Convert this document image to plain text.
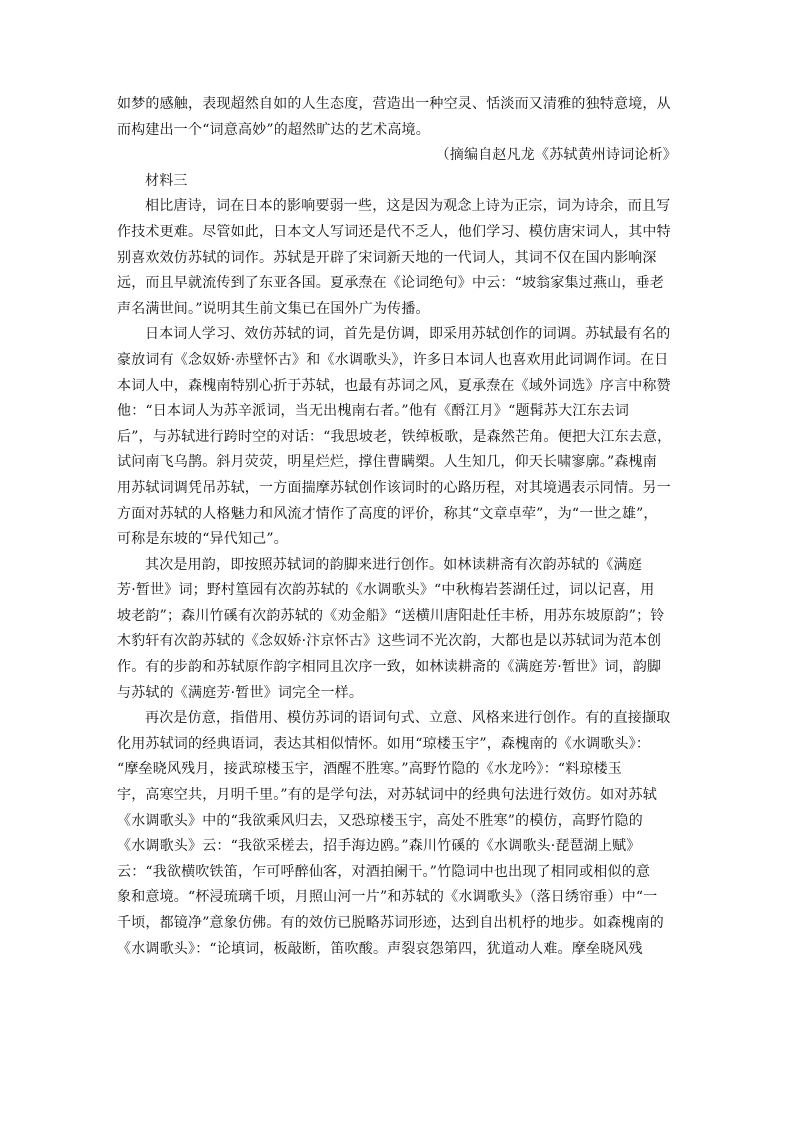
如梦的感触，表现超然自如的人生态度，营造出一种空灵、恬淡而又清雅的独特意境，从
而构建出一个“词意高妙”的超然旷达的艺术高境。
（摘编自赵凡龙《苏轼黄州诗词论析》
材料三
相比唐诗，词在日本的影响要弱一些，这是因为观念上诗为正宗，词为诗余，而且写
作技术更难。尽管如此，日本文人写词还是代不乏人，他们学习、模仿唐宋词人，其中特
别喜欢效仿苏轼的词作。苏轼是开辟了宋词新天地的一代词人，其词不仅在国内影响深
远，而且早就流传到了东亚各国。夏承焘在《论词绝句》中云：“坡翁家集过燕山，垂老
声名满世间。”说明其生前文集已在国外广为传播。
日本词人学习、效仿苏轼的词，首先是仿调，即采用苏轼创作的词调。苏轼最有名的
豪放词有《念奴娇·赤壁怀古》和《水调歌头》，许多日本词人也喜欢用此词调作词。在日
本词人中，森槐南特别心折于苏轼，也最有苏词之风，夏承焘在《域外词选》序言中称赞
他：“日本词人为苏辛派词，当无出槐南右者。”他有《酹江月》“题髯苏大江东去词
后”，与苏轼进行跨时空的对话：“我思坡老，铁绰板歌，是森然芒角。便把大江东去意，
试问南飞乌鹊。斜月荧荧，明星烂烂，撑住曹瞒槊。人生知几，仰天长啸寥廓。”森槐南
用苏轼词调凭吊苏轼，一方面揣摩苏轼创作该词时的心路历程，对其境遇表示同情。另一
方面对苏轼的人格魅力和风流才情作了高度的评价，称其“文章卓荦”，为“一世之雄”，
可称是东坡的“异代知己”。
其次是用韵，即按照苏轼词的韵脚来进行创作。如林读耕斋有次韵苏轼的《满庭
芳·暂世》词；野村篁园有次韵苏轼的《水调歌头》“中秋梅岩荟湖任过，词以记喜，用
坡老韵”；森川竹磎有次韵苏轼的《劝金船》“送横川唐阳赴任丰桥，用苏东坡原韵”；铃
木豹轩有次韵苏轼的《念奴娇·汴京怀古》这些词不光次韵，大都也是以苏轼词为范本创
作。有的步韵和苏轼原作韵字相同且次序一致，如林读耕斋的《满庭芳·暂世》词，韵脚
与苏轼的《满庭芳·暂世》词完全一样。
再次是仿意，指借用、模仿苏词的语词句式、立意、风格来进行创作。有的直接撷取
化用苏轼词的经典语词，表达其相似情怀。如用“琼楼玉宇”，森槐南的《水调歌头》：
“摩垒晓风残月，接武琼楼玉宇，酒醒不胜寒。”高野竹隐的《水龙吟》：“料琼楼玉
宇，高寒空共，月明千里。”有的是学句法，对苏轼词中的经典句法进行效仿。如对苏轼
《水调歌头》中的“我欲乘风归去，又恐琼楼玉宇，高处不胜寒”的模仿，高野竹隐的
《水调歌头》云：“我欲采槎去，招手海边鸥。”森川竹磎的《水调歌头·琵琶湖上赋》
云：“我欲横吹铁笛，乍可呼醉仙客，对酒拍阑干。”竹隐词中也出现了相同或相似的意
象和意境。“杯浸琉璃千顷，月照山河一片”和苏轼的《水调歌头》（落日绣帘垂）中“一
千顷，都镜净”意象仿佛。有的效仿已脱略苏词形迹，达到自出机杼的地步。如森槐南的
《水调歌头》：“论填词，板敲断，笛吹酸。声裂哀怨第四，犹道动人难。摩垒晓风残
